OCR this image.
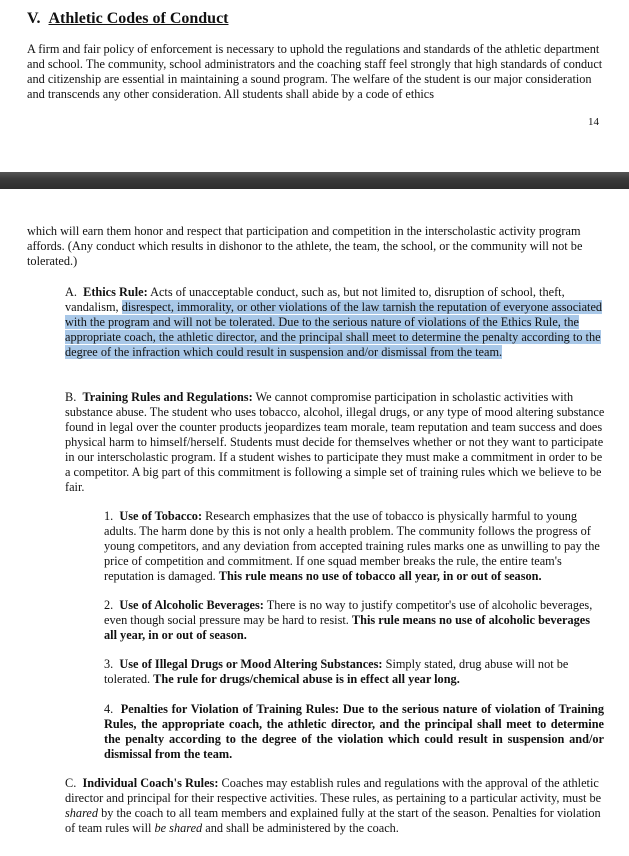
V. Athletic Codes of Conduct

A firm and fair policy of enforcement is necessary to uphold the regulations and standards of the athletic department and school. The community, school administrators and the coaching staff feel strongly that high standards of conduct and citizenship are essential in maintaining a sound program. The welfare of the student is our major consideration and transcends any other consideration. All students shall abide by a code of ethics

14

which will earn them honor and respect that participation and competition in the interscholastic activity program affords. (Any conduct which results in dishonor to the athlete, the team, the school, or the community will not be tolerated.)

A. Ethics Rule: Acts of unacceptable conduct, such as, but not limited to, disruption of school, theft, vandalism, disrespect, immorality, or other violations of the law tarnish the reputation of everyone associated with the program and will not be tolerated. Due to the serious nature of violations of the Ethics Rule, the appropriate coach, the athletic director, and the principal shall meet to determine the penalty according to the degree of the infraction which could result in suspension and/or dismissal from the team.

B. Training Rules and Regulations: We cannot compromise participation in scholastic activities with substance abuse. The student who uses tobacco, alcohol, illegal drugs, or any type of mood altering substance found in legal over the counter products jeopardizes team morale, team reputation and team success and does physical harm to himself/herself. Students must decide for themselves whether or not they want to participate in our interscholastic program. If a student wishes to participate they must make a commitment in order to be a competitor. A big part of this commitment is following a simple set of training rules which we believe to be fair.

1. Use of Tobacco: Research emphasizes that the use of tobacco is physically harmful to young adults. The harm done by this is not only a health problem. The community follows the progress of young competitors, and any deviation from accepted training rules marks one as unwilling to pay the price of competition and commitment. If one squad member breaks the rule, the entire team's reputation is damaged. This rule means no use of tobacco all year, in or out of season.

2. Use of Alcoholic Beverages: There is no way to justify competitor's use of alcoholic beverages, even though social pressure may be hard to resist. This rule means no use of alcoholic beverages all year, in or out of season.

3. Use of Illegal Drugs or Mood Altering Substances: Simply stated, drug abuse will not be tolerated. The rule for drugs/chemical abuse is in effect all year long.

4. Penalties for Violation of Training Rules: Due to the serious nature of violation of Training Rules, the appropriate coach, the athletic director, and the principal shall meet to determine the penalty according to the degree of the violation which could result in suspension and/or dismissal from the team.

C. Individual Coach's Rules: Coaches may establish rules and regulations with the approval of the athletic director and principal for their respective activities. These rules, as pertaining to a particular activity, must be shared by the coach to all team members and explained fully at the start of the season. Penalties for violation of team rules will be shared and shall be administered by the coach.
